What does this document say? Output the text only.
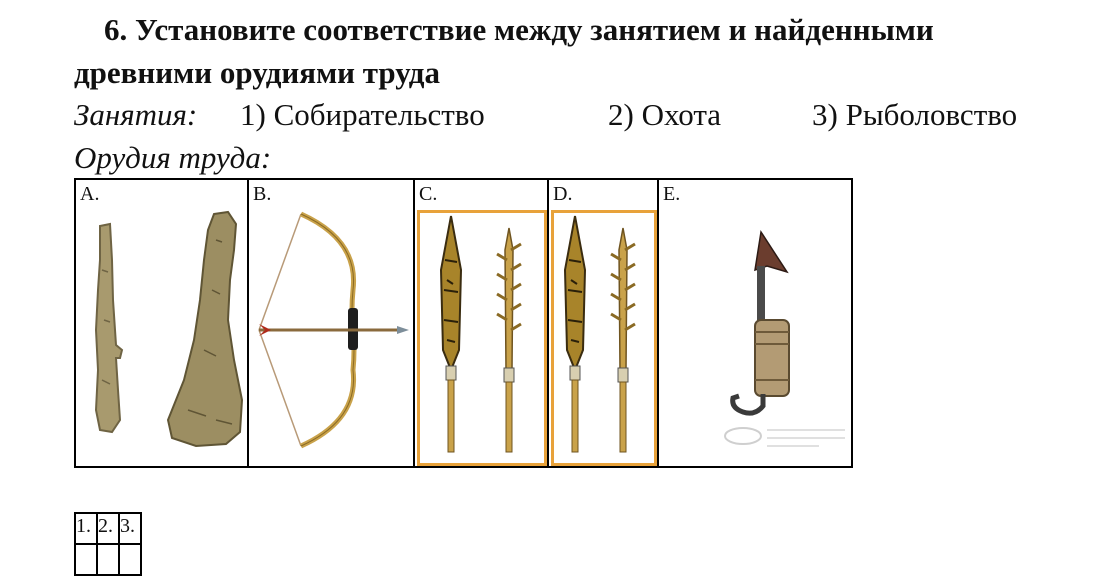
6. Установите соответствие между занятием и найденными
древними орудиями труда
Занятия: 1) Собирательство	2) Охота	3) Рыболовство
Орудия труда:
A.	B.	C.	D.	E.
1.	2.	3.
